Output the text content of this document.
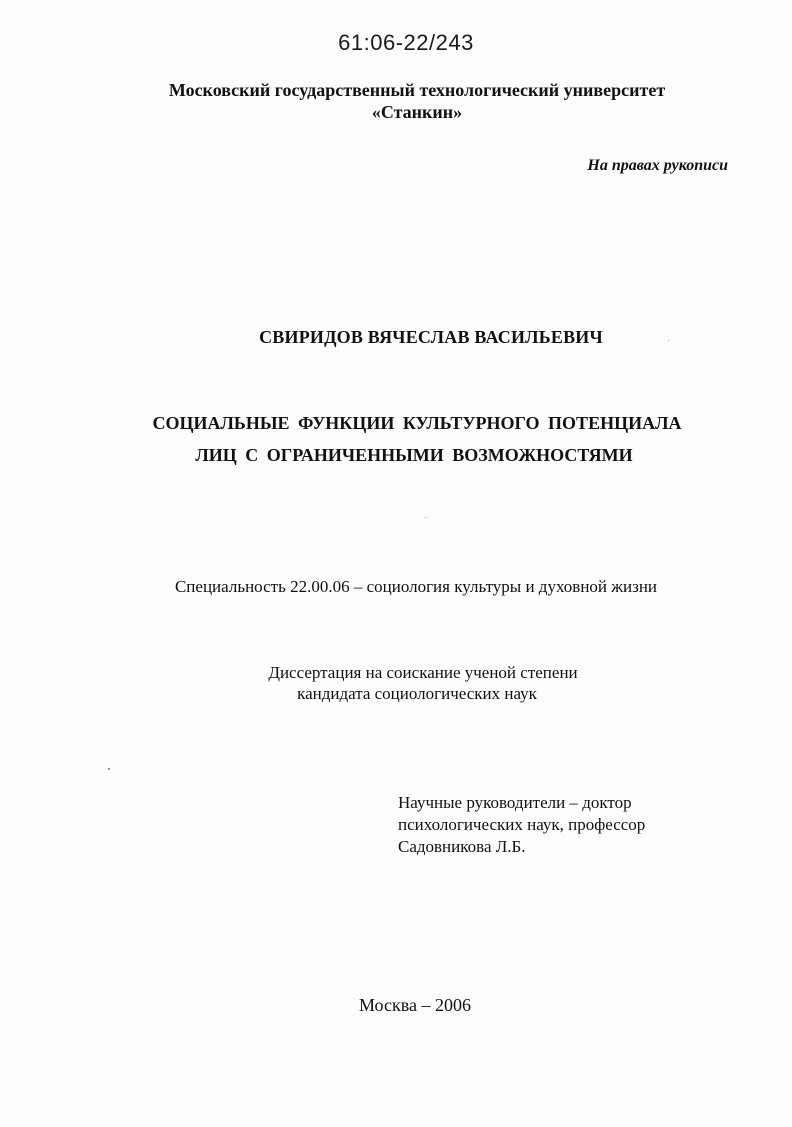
61:06-22/243
Московский государственный технологический университет
«Станкин»
На правах рукописи
СВИРИДОВ ВЯЧЕСЛАВ ВАСИЛЬЕВИЧ
СОЦИАЛЬНЫЕ ФУНКЦИИ КУЛЬТУРНОГО ПОТЕНЦИАЛА
ЛИЦ С ОГРАНИЧЕННЫМИ ВОЗМОЖНОСТЯМИ
Специальность 22.00.06 – социология культуры и духовной жизни
Диссертация на соискание ученой степени
кандидата социологических наук
Научные руководители – доктор
психологических наук, профессор
Садовникова Л.Б.
Москва – 2006
